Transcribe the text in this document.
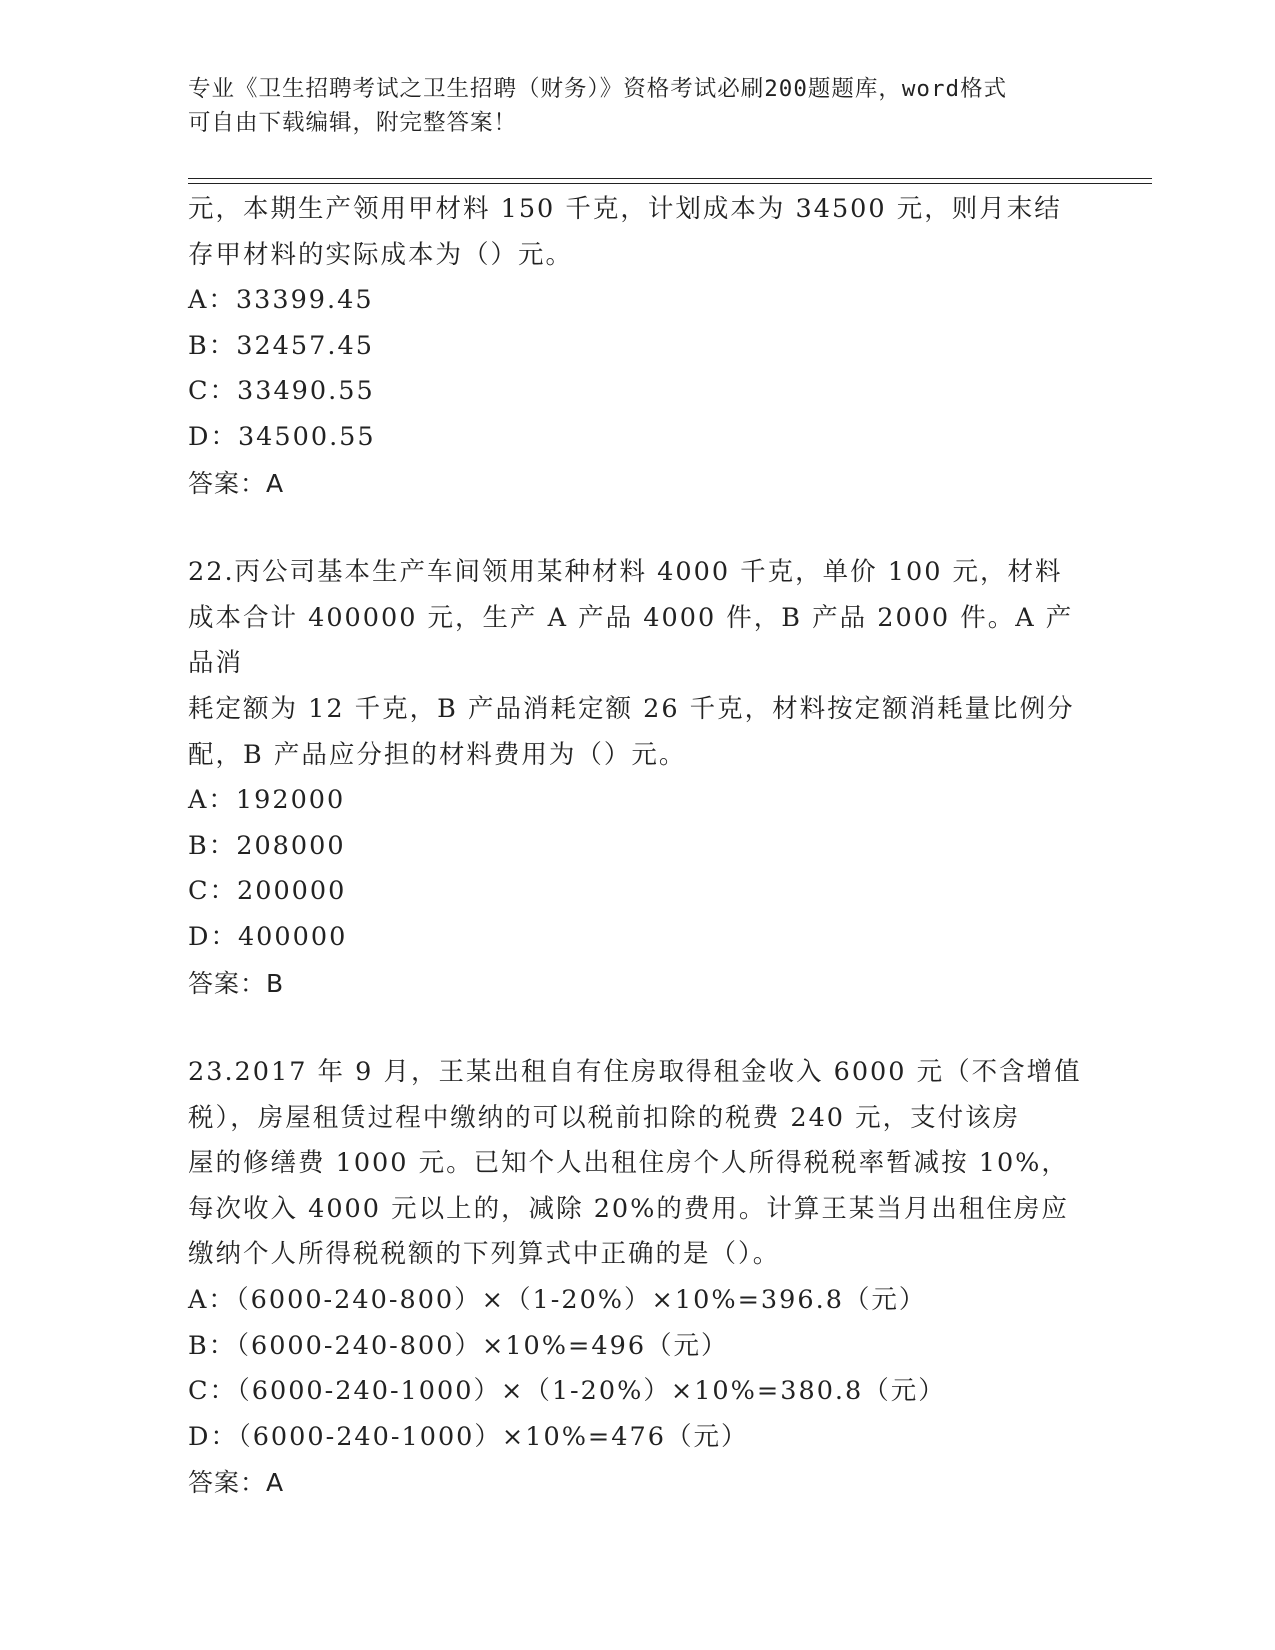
专业《卫生招聘考试之卫生招聘（财务）》资格考试必刷200题题库，word格式
可自由下载编辑，附完整答案！

元，本期生产领用甲材料 150 千克，计划成本为 34500 元，则月末结

存甲材料的实际成本为（）元。

A：33399.45

B：32457.45

C：33490.55

D：34500.55

答案：A

22.丙公司基本生产车间领用某种材料 4000 千克，单价 100 元，材料

成本合计 400000 元，生产 A 产品 4000 件，B 产品 2000 件。A 产品消

耗定额为 12 千克，B 产品消耗定额 26 千克，材料按定额消耗量比例分

配，B 产品应分担的材料费用为（）元。

A：192000

B：208000

C：200000

D：400000

答案：B

23.2017 年 9 月，王某出租自有住房取得租金收入 6000 元（不含增值

税），房屋租赁过程中缴纳的可以税前扣除的税费 240 元，支付该房

屋的修缮费 1000 元。已知个人出租住房个人所得税税率暂减按 10%，

每次收入 4000 元以上的，减除 20%的费用。计算王某当月出租住房应

缴纳个人所得税税额的下列算式中正确的是（）。

A：（6000-240-800）×（1-20%）×10%=396.8（元）

B：（6000-240-800）×10%=496（元）

C：（6000-240-1000）×（1-20%）×10%=380.8（元）

D：（6000-240-1000）×10%=476（元）

答案：A
